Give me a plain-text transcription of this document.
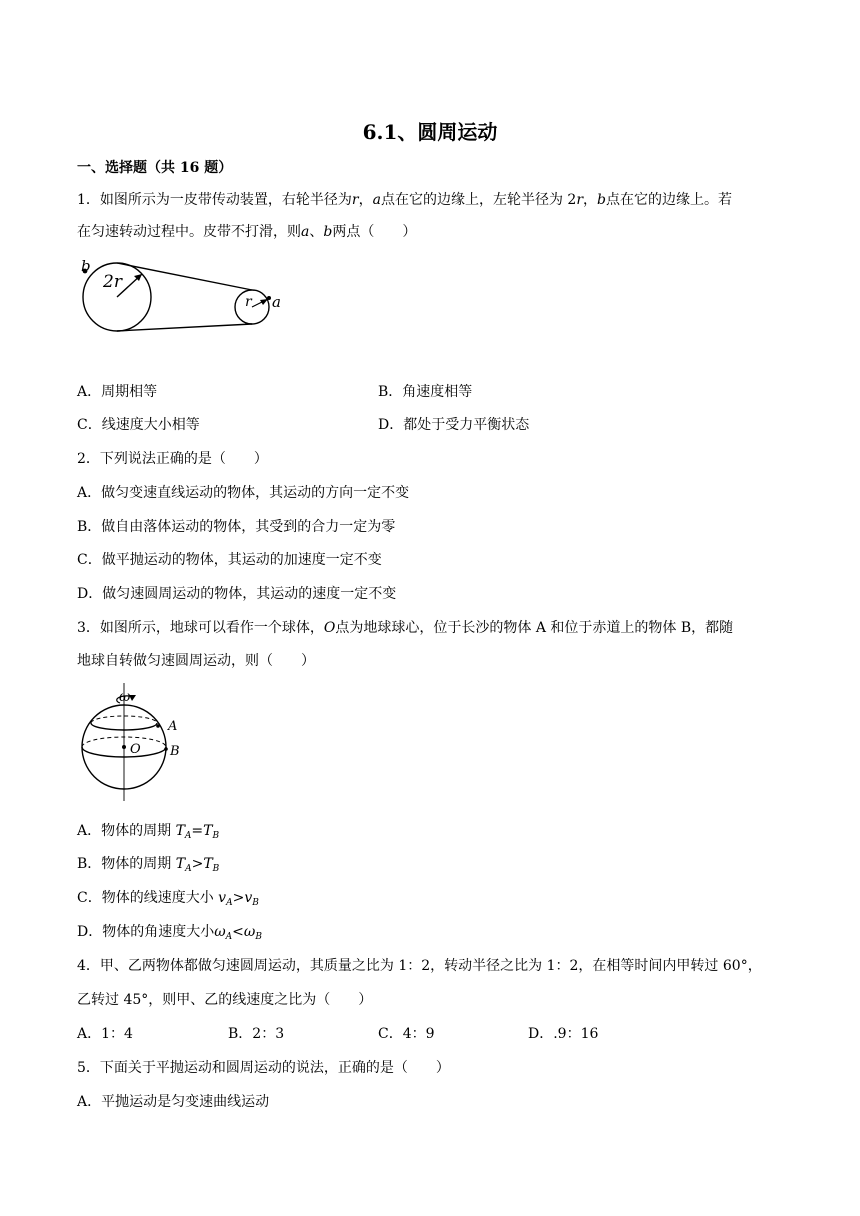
6.1、圆周运动
一、选择题（共 16 题）
1．如图所示为一皮带传动装置，右轮半径为r，a点在它的边缘上，左轮半径为 2r，b点在它的边缘上。若
在匀速转动过程中。皮带不打滑，则a、b两点（　　）
b
2r
r a
A．周期相等	B．角速度相等
C．线速度大小相等	D．都处于受力平衡状态
2．下列说法正确的是（　　）
A．做匀变速直线运动的物体，其运动的方向一定不变
B．做自由落体运动的物体，其受到的合力一定为零
C．做平抛运动的物体，其运动的加速度一定不变
D．做匀速圆周运动的物体，其运动的速度一定不变
3．如图所示，地球可以看作一个球体，O点为地球球心，位于长沙的物体 A 和位于赤道上的物体 B，都随
地球自转做匀速圆周运动，则（　　）
ω
A
B
O
A．物体的周期 $T_A=T_B$
B．物体的周期 $T_A>T_B$
C．物体的线速度大小 $v_A>v_B$
D．物体的角速度大小$\omega_A<\omega_B$
4．甲、乙两物体都做匀速圆周运动，其质量之比为 1：2，转动半径之比为 1：2，在相等时间内甲转过 60°，
乙转过 45°，则甲、乙的线速度之比为（　　）
A．1：4	B．2：3	C．4：9	D．.9：16
5．下面关于平抛运动和圆周运动的说法，正确的是（　　）
A．平抛运动是匀变速曲线运动
